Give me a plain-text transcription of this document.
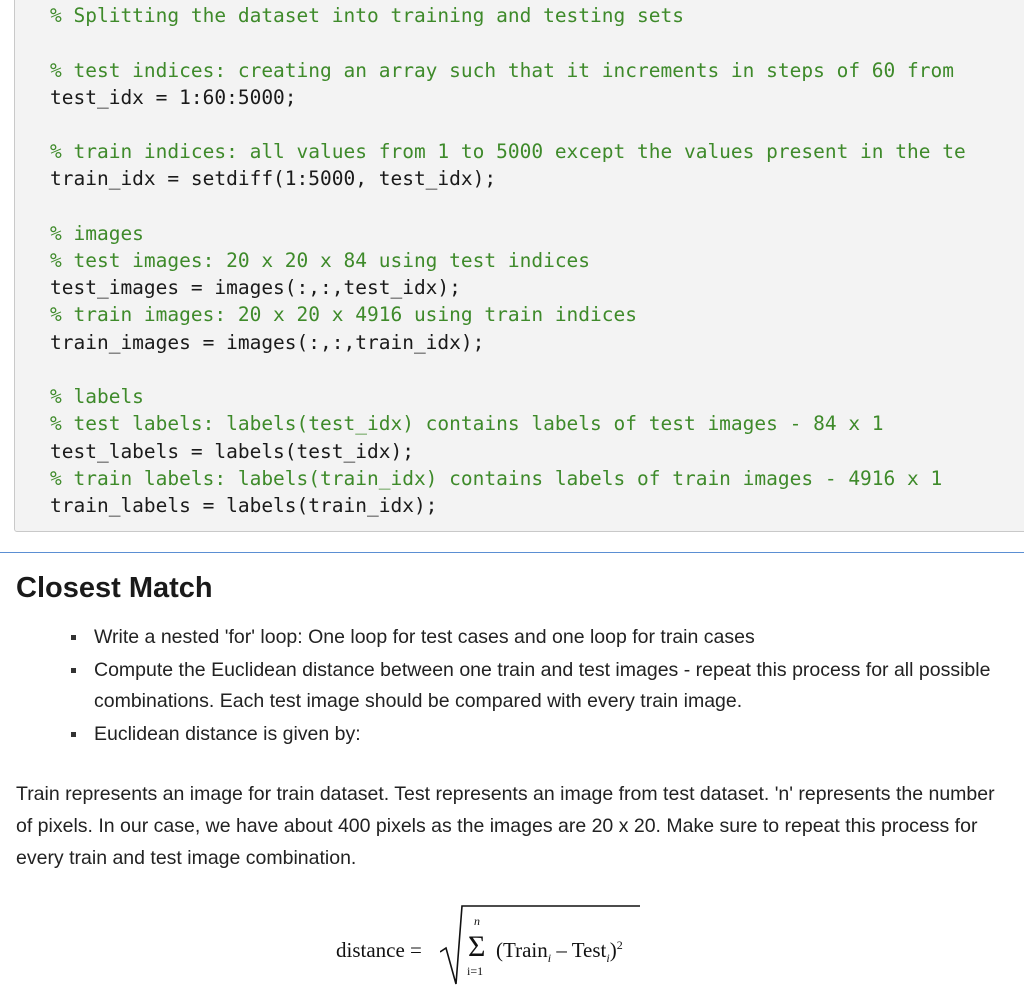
% Splitting the dataset into training and testing sets
% test indices: creating an array such that it increments in steps of 60 from
test_idx = 1:60:5000;
% train indices: all values from 1 to 5000 except the values present in the te
train_idx = setdiff(1:5000, test_idx);
% images
% test images: 20 x 20 x 84 using test indices
test_images = images(:,:,test_idx);
% train images: 20 x 20 x 4916 using train indices
train_images = images(:,:,train_idx);
% labels
% test labels: labels(test_idx) contains labels of test images - 84 x 1
test_labels = labels(test_idx);
% train labels: labels(train_idx) contains labels of train images - 4916 x 1
train_labels = labels(train_idx);
Closest Match
Write a nested 'for' loop: One loop for test cases and one loop for train cases
Compute the Euclidean distance between one train and test images - repeat this process for all possible combinations. Each test image should be compared with every train image.
Euclidean distance is given by:

Train represents an image for train dataset. Test represents an image from test dataset. 'n' represents the number of pixels. In our case, we have about 400 pixels as the images are 20 x 20. Make sure to repeat this process for every train and test image combination.

distance =
n
Σ
i=1
(Train$_i$ – Test$_i$)$^2$
